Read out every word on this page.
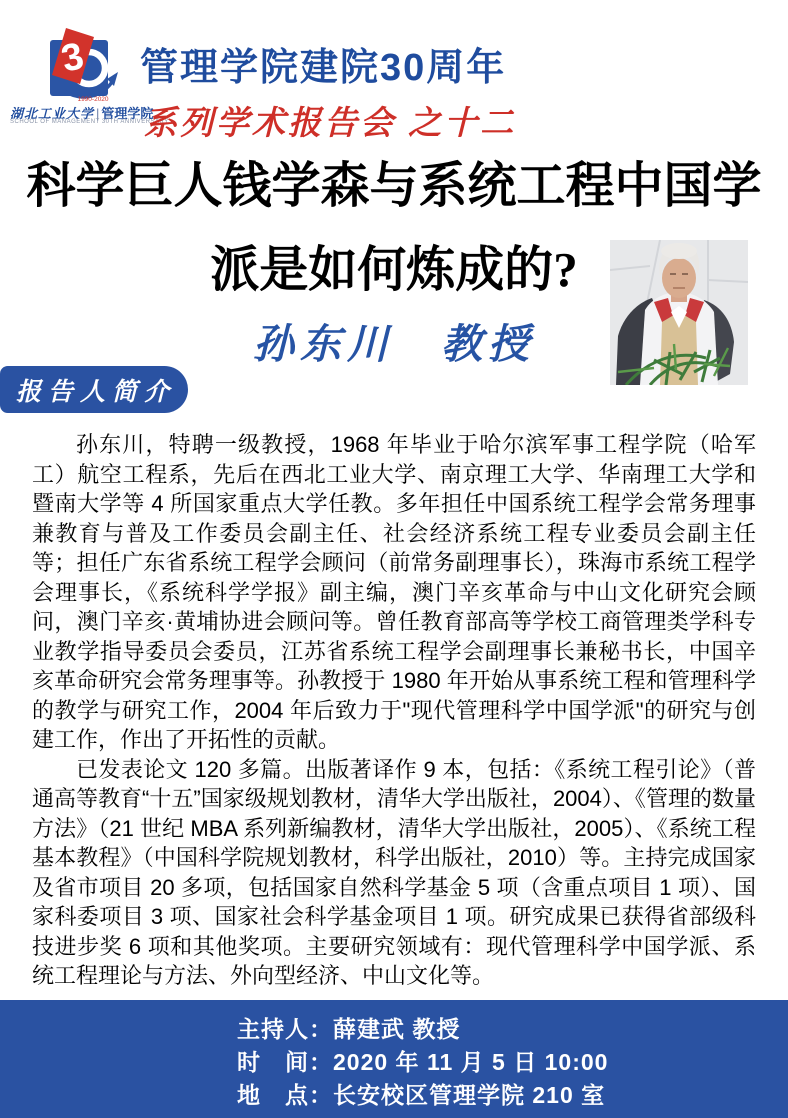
3
1990-2020
湖北工业大学 | 管理学院
SCHOOL OF MANAGEMENT 30TH ANNIVERSARY
管理学院建院30周年
系列学术报告会 之十二
科学巨人钱学森与系统工程中国学
派是如何炼成的?
孙东川　教授
报告人简介

孙东川，特聘一级教授，1968 年毕业于哈尔滨军事工程学院（哈军工）航空工程系，先后在西北工业大学、南京理工大学、华南理工大学和暨南大学等 4 所国家重点大学任教。多年担任中国系统工程学会常务理事兼教育与普及工作委员会副主任、社会经济系统工程专业委员会副主任等；担任广东省系统工程学会顾问（前常务副理事长），珠海市系统工程学会理事长，《系统科学学报》副主编，澳门辛亥革命与中山文化研究会顾问，澳门辛亥·黄埔协进会顾问等。曾任教育部高等学校工商管理类学科专业教学指导委员会委员，江苏省系统工程学会副理事长兼秘书长，中国辛亥革命研究会常务理事等。孙教授于 1980 年开始从事系统工程和管理科学的教学与研究工作，2004 年后致力于"现代管理科学中国学派"的研究与创建工作，作出了开拓性的贡献。

已发表论文 120 多篇。出版著译作 9 本，包括：《系统工程引论》（普通高等教育“十五”国家级规划教材，清华大学出版社，2004）、《管理的数量方法》（21 世纪 MBA 系列新编教材，清华大学出版社，2005）、《系统工程基本教程》（中国科学院规划教材，科学出版社，2010）等。主持完成国家及省市项目 20 多项，包括国家自然科学基金 5 项（含重点项目 1 项）、国家科委项目 3 项、国家社会科学基金项目 1 项。研究成果已获得省部级科技进步奖 6 项和其他奖项。主要研究领域有：现代管理科学中国学派、系统工程理论与方法、外向型经济、中山文化等。

主持人：薛建武 教授
时　间：2020 年 11 月 5 日 10:00
地　点：长安校区管理学院 210 室
